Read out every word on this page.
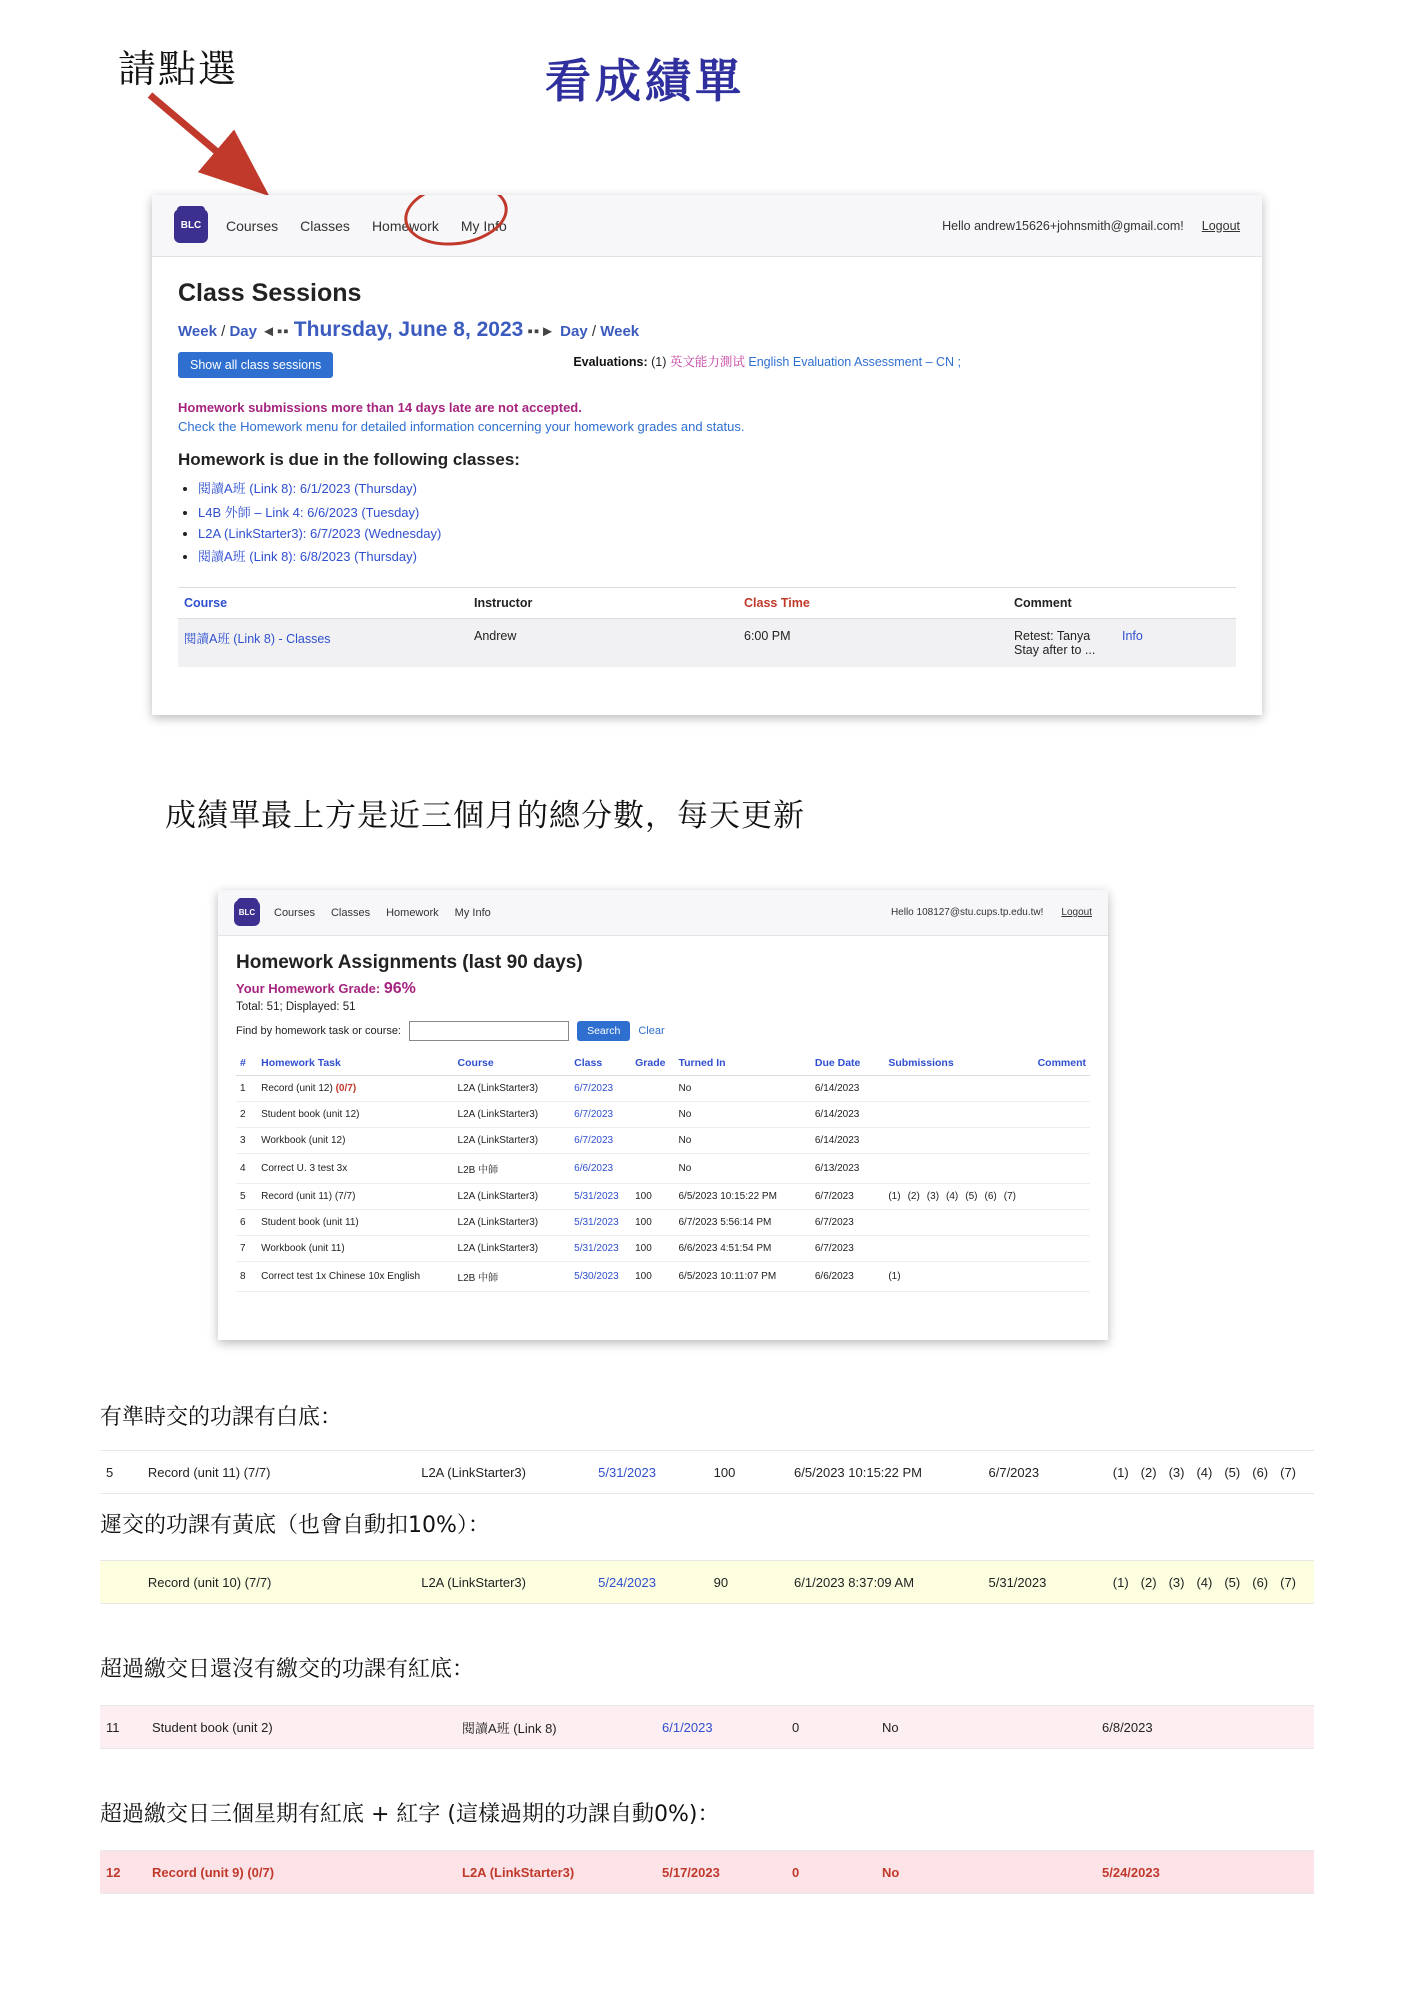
請點選	看成績單
BLC Courses Classes Homework My Info	Hello andrew15626+johnsmith@gmail.com! Logout
Class Sessions
Week / Day ◄▪▪ Thursday, June 8, 2023 ▪▪► Day / Week
Show all class sessions	Evaluations: (1) 英文能力測试 English Evaluation Assessment – CN ;
Homework submissions more than 14 days late are not accepted.
Check the Homework menu for detailed information concerning your homework grades and status.
Homework is due in the following classes:
• 閱讀A班 (Link 8): 6/1/2023 (Thursday)
• L4B 外師 – Link 4: 6/6/2023 (Tuesday)
• L2A (LinkStarter3): 6/7/2023 (Wednesday)
• 閱讀A班 (Link 8): 6/8/2023 (Thursday)
Course	Instructor	Class Time	Comment	
閱讀A班 (Link 8) - Classes	Andrew	6:00 PM	Retest: Tanya
Stay after to ...	Info
成績單最上方是近三個月的總分數，每天更新
BLC Courses Classes Homework My Info	Hello 108127@stu.cups.tp.edu.tw! Logout
Homework Assignments (last 90 days)
Your Homework Grade: 96%
Total: 51; Displayed: 51
Find by homework task or course:	Search	Clear
#	Homework Task	Course	Class	Grade	Turned In	Due Date	Submissions	Comment
1	Record (unit 12) (0/7)	L2A (LinkStarter3)	6/7/2023		No	6/14/2023		
2	Student book (unit 12)	L2A (LinkStarter3)	6/7/2023		No	6/14/2023		
3	Workbook (unit 12)	L2A (LinkStarter3)	6/7/2023		No	6/14/2023		
4	Correct U. 3 test 3x	L2B 中師	6/6/2023		No	6/13/2023		
5	Record (unit 11) (7/7)	L2A (LinkStarter3)	5/31/2023	100	6/5/2023 10:15:22 PM	6/7/2023	(1) (2) (3) (4) (5) (6) (7)	
6	Student book (unit 11)	L2A (LinkStarter3)	5/31/2023	100	6/7/2023 5:56:14 PM	6/7/2023		
7	Workbook (unit 11)	L2A (LinkStarter3)	5/31/2023	100	6/6/2023 4:51:54 PM	6/7/2023		
8	Correct test 1x Chinese 10x English	L2B 中師	5/30/2023	100	6/5/2023 10:11:07 PM	6/6/2023	(1)	
有準時交的功課有白底：
遲交的功課有黃底（也會自動扣10%）：
超過繳交日還沒有繳交的功課有紅底：
超過繳交日三個星期有紅底 + 紅字 (這樣過期的功課自動0%)：
5	Record (unit 11) (7/7)	L2A (LinkStarter3)	5/31/2023	100	6/5/2023 10:15:22 PM	6/7/2023	(1) (2) (3) (4) (5) (6) (7)
Record (unit 10) (7/7)	L2A (LinkStarter3)	5/24/2023	90	6/1/2023 8:37:09 AM	5/31/2023	(1) (2) (3) (4) (5) (6) (7)
11	Student book (unit 2)	閱讀A班 (Link 8)	6/1/2023	0	No	6/8/2023
12	Record (unit 9) (0/7)	L2A (LinkStarter3)	5/17/2023	0	No	5/24/2023
